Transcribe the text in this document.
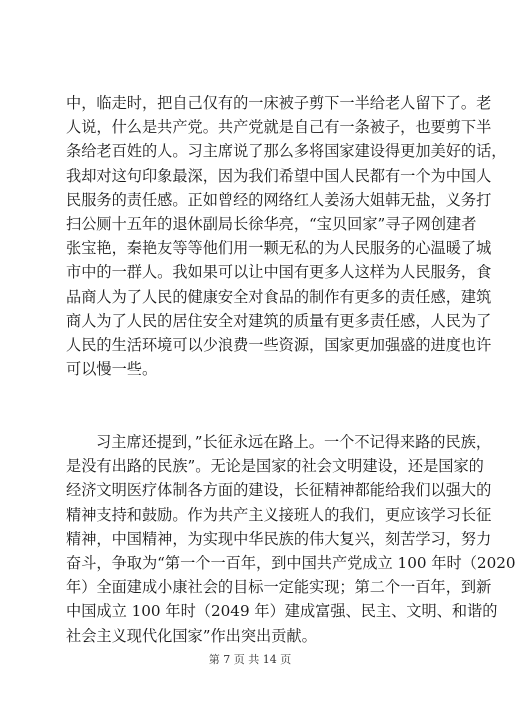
中，临走时，把自己仅有的一床被子剪下一半给老人留下了。老
人说，什么是共产党。共产党就是自己有一条被子，也要剪下半
条给老百姓的人。习主席说了那么多将国家建设得更加美好的话，
我却对这句印象最深，因为我们希望中国人民都有一个为中国人
民服务的责任感。正如曾经的网络红人姜汤大姐韩无盐，义务打
扫公厕十五年的退休副局长徐华亮，“宝贝回家”寻子网创建者
张宝艳，秦艳友等等他们用一颗无私的为人民服务的心温暖了城
市中的一群人。我如果可以让中国有更多人这样为人民服务，食
品商人为了人民的健康安全对食品的制作有更多的责任感，建筑
商人为了人民的居住安全对建筑的质量有更多责任感，人民为了
人民的生活环境可以少浪费一些资源，国家更加强盛的进度也许
可以慢一些。
习主席还提到，”长征永远在路上。一个不记得来路的民族，
是没有出路的民族”。无论是国家的社会文明建设，还是国家的
经济文明医疗体制各方面的建设，长征精神都能给我们以强大的
精神支持和鼓励。作为共产主义接班人的我们，更应该学习长征
精神，中国精神，为实现中华民族的伟大复兴，刻苦学习，努力
奋斗，争取为“第一个一百年，到中国共产党成立 100 年时（2020
年）全面建成小康社会的目标一定能实现；第二个一百年，到新
中国成立 100 年时（2049 年）建成富强、民主、文明、和谐的
社会主义现代化国家”作出突出贡献。
第 7 页 共 14 页
